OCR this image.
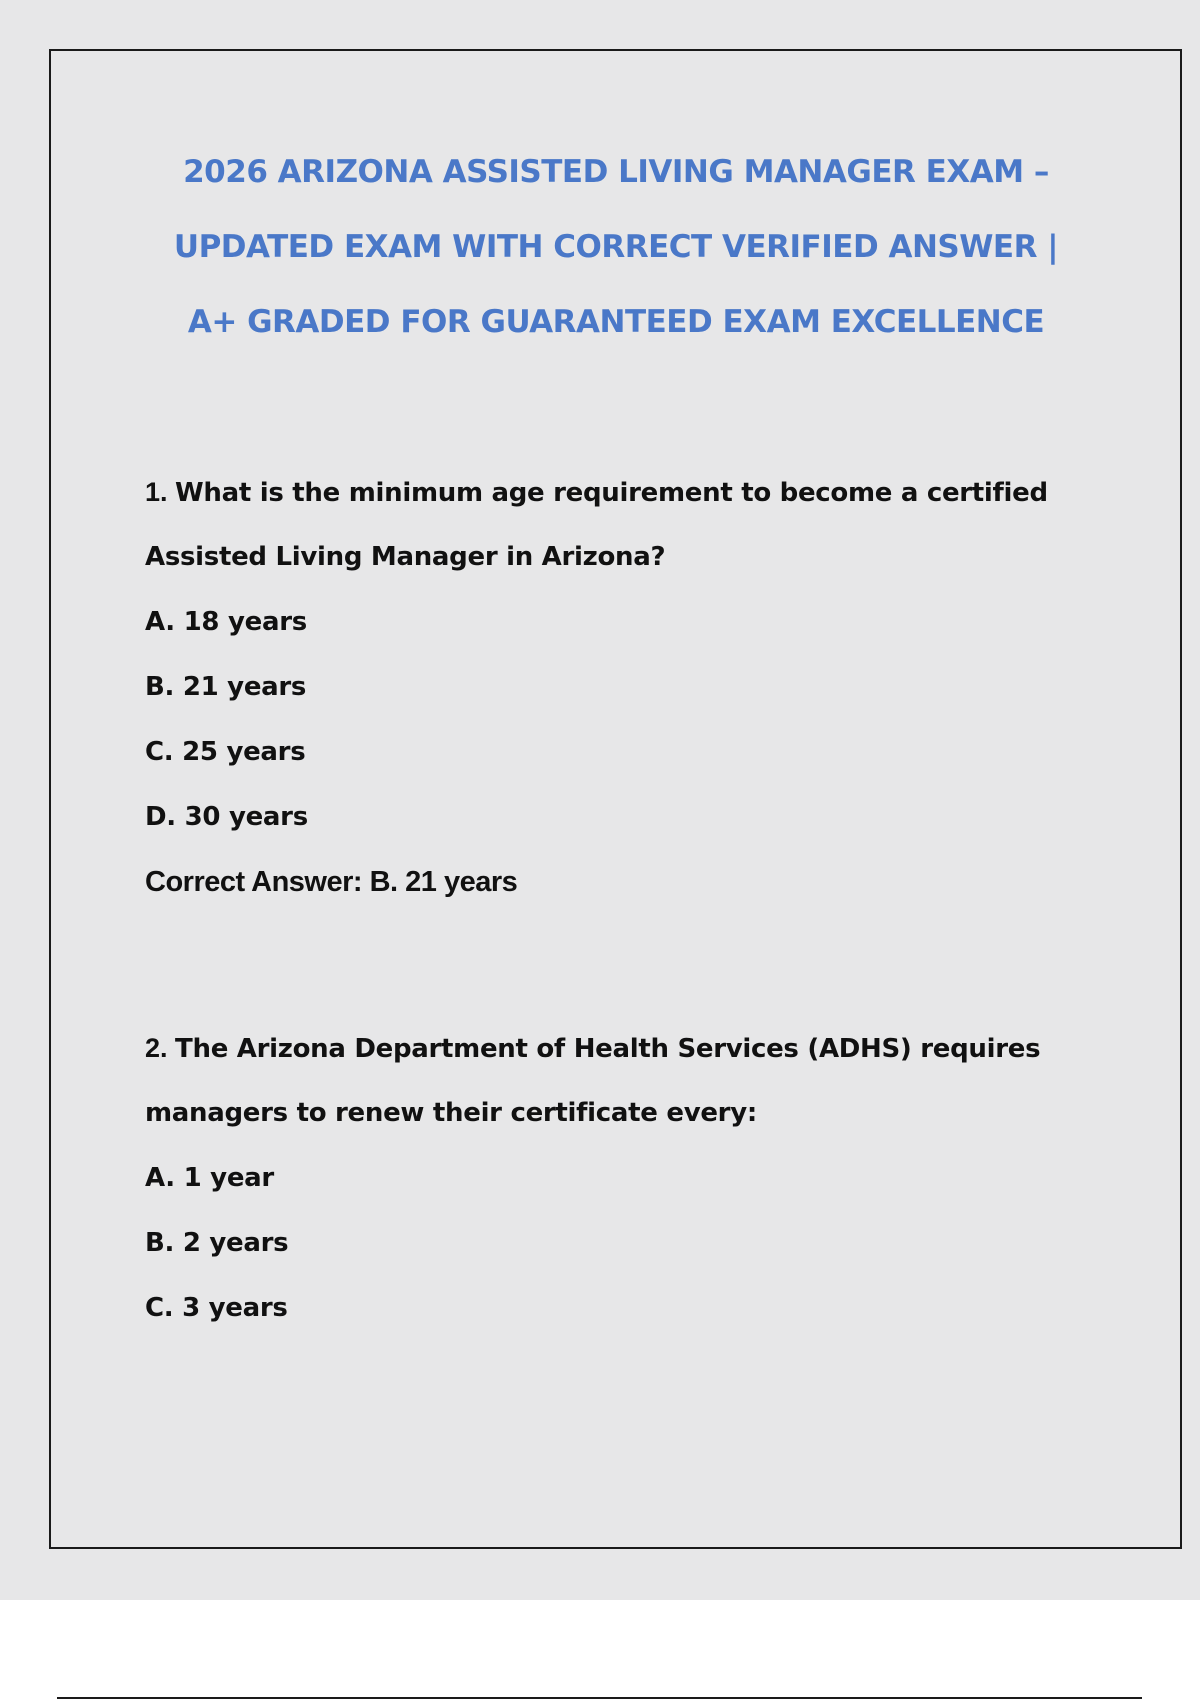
2026 ARIZONA ASSISTED LIVING MANAGER EXAM –
UPDATED EXAM WITH CORRECT VERIFIED ANSWER |
A+ GRADED FOR GUARANTEED EXAM EXCELLENCE
1. What is the minimum age requirement to become a certified
Assisted Living Manager in Arizona?
A. 18 years
B. 21 years
C. 25 years
D. 30 years
Correct Answer: B. 21 years
2. The Arizona Department of Health Services (ADHS) requires
managers to renew their certificate every:
A. 1 year
B. 2 years
C. 3 years
